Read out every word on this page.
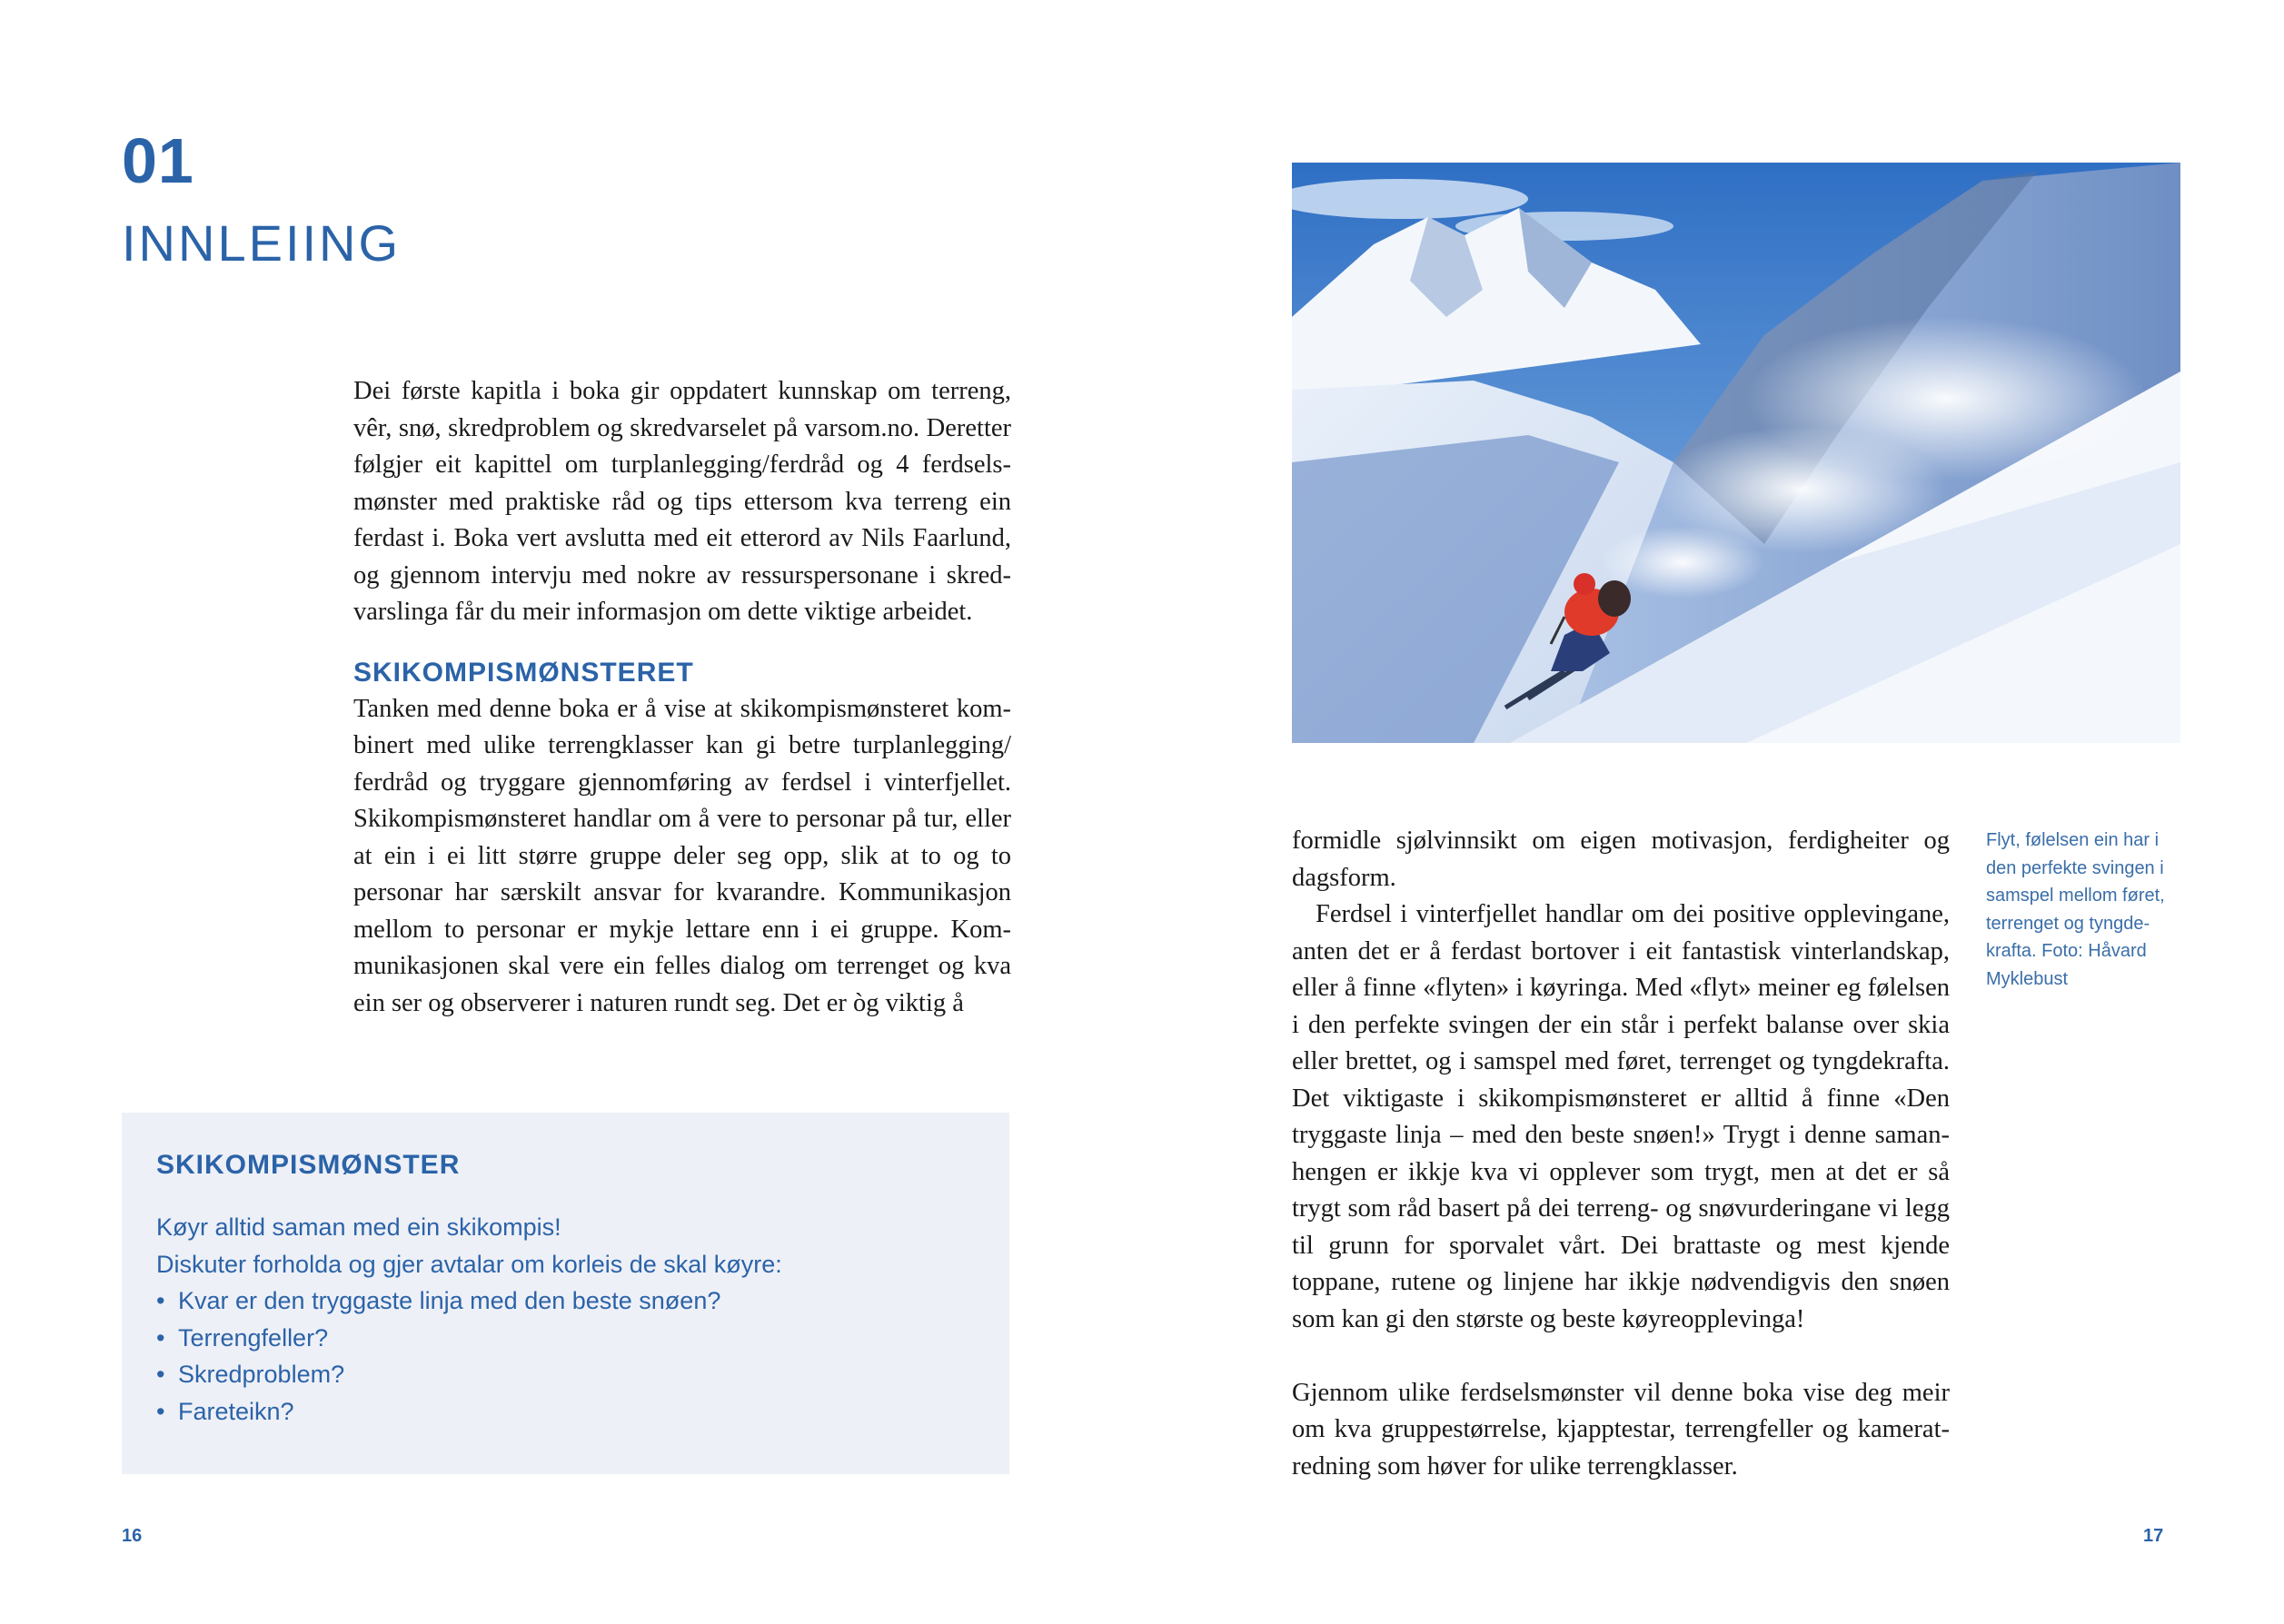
01
INNLEIING

Dei første kapitla i boka gir oppdatert kunnskap om terreng, vêr, snø, skredproblem og skredvarselet på varsom.no. Deretter følgjer eit kapittel om turplanlegging/ferdråd og 4 ferdselsmønster med praktiske råd og tips ettersom kva terreng ein ferdast i. Boka vert avslutta med eit etterord av Nils Faarlund, og gjennom intervju med nokre av ressurspersonane i skredvarslinga får du meir informasjon om dette viktige arbeidet.

SKIKOMPISMØNSTERET

Tanken med denne boka er å vise at skikompismønsteret kombinert med ulike terrengklasser kan gi betre turplanlegging/ ferdråd og tryggare gjennomføring av ferdsel i vinterfjellet. Skikompismønsteret handlar om å vere to personar på tur, eller at ein i ei litt større gruppe deler seg opp, slik at to og to personar har særskilt ansvar for kvarandre. Kommunikasjon mellom to personar er mykje lettare enn i ei gruppe. Kommunikasjonen skal vere ein felles dialog om terrenget og kva ein ser og observerer i naturen rundt seg. Det er òg viktig å

SKIKOMPISMØNSTER
Køyr alltid saman med ein skikompis!
Diskuter forholda og gjer avtalar om korleis de skal køyre:
• Kvar er den tryggaste linja med den beste snøen?
• Terrengfeller?
• Skredproblem?
• Fareteikn?

formidle sjølvinnsikt om eigen motivasjon, ferdigheiter og dagsform.

Ferdsel i vinterfjellet handlar om dei positive opplevingane, anten det er å ferdast bortover i eit fantastisk vinterlandskap, eller å finne «flyten» i køyringa. Med «flyt» meiner eg følelsen i den perfekte svingen der ein står i perfekt balanse over skia eller brettet, og i samspel med føret, terrenget og tyngdekrafta. Det viktigaste i skikompismønsteret er alltid å finne «Den tryggaste linja – med den beste snøen!» Trygt i denne samanhengen er ikkje kva vi opplever som trygt, men at det er så trygt som råd basert på dei terreng- og snøvurderingane vi legg til grunn for sporvalet vårt. Dei brattaste og mest kjende toppane, rutene og linjene har ikkje nødvendigvis den snøen som kan gi den største og beste køyreopplevinga!

Gjennom ulike ferdselsmønster vil denne boka vise deg meir om kva gruppestørrelse, kjapptestar, terrengfeller og kameratredning som høver for ulike terrengklasser.

Flyt, følelsen ein har i den perfekte svingen i samspel mellom føret, terrenget og tyngdekrafta. Foto: Håvard Myklebust
16	17
